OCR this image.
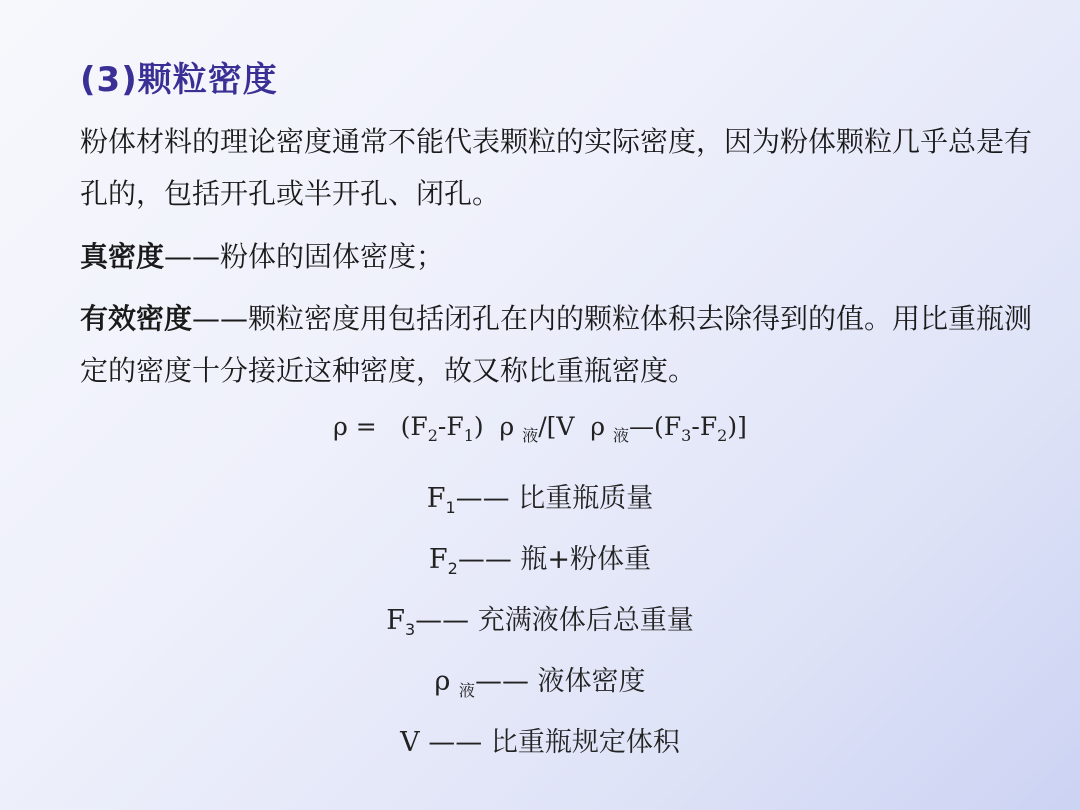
(3)颗粒密度
粉体材料的理论密度通常不能代表颗粒的实际密度，因为粉体颗粒几乎总是有孔的，包括开孔或半开孔、闭孔。
真密度——粉体的固体密度；
有效密度——颗粒密度用包括闭孔在内的颗粒体积去除得到的值。用比重瓶测定的密度十分接近这种密度，故又称比重瓶密度。
$\rho = (F_2-F_1)$ ρ $_液$/[V ρ $_液—(F_3-F_2)$]
$F_1——$ 比重瓶质量
$F_2——$ 瓶+粉体重
$F_3——$ 充满液体后总重量
ρ $_液$—— 液体密度
V —— 比重瓶规定体积
